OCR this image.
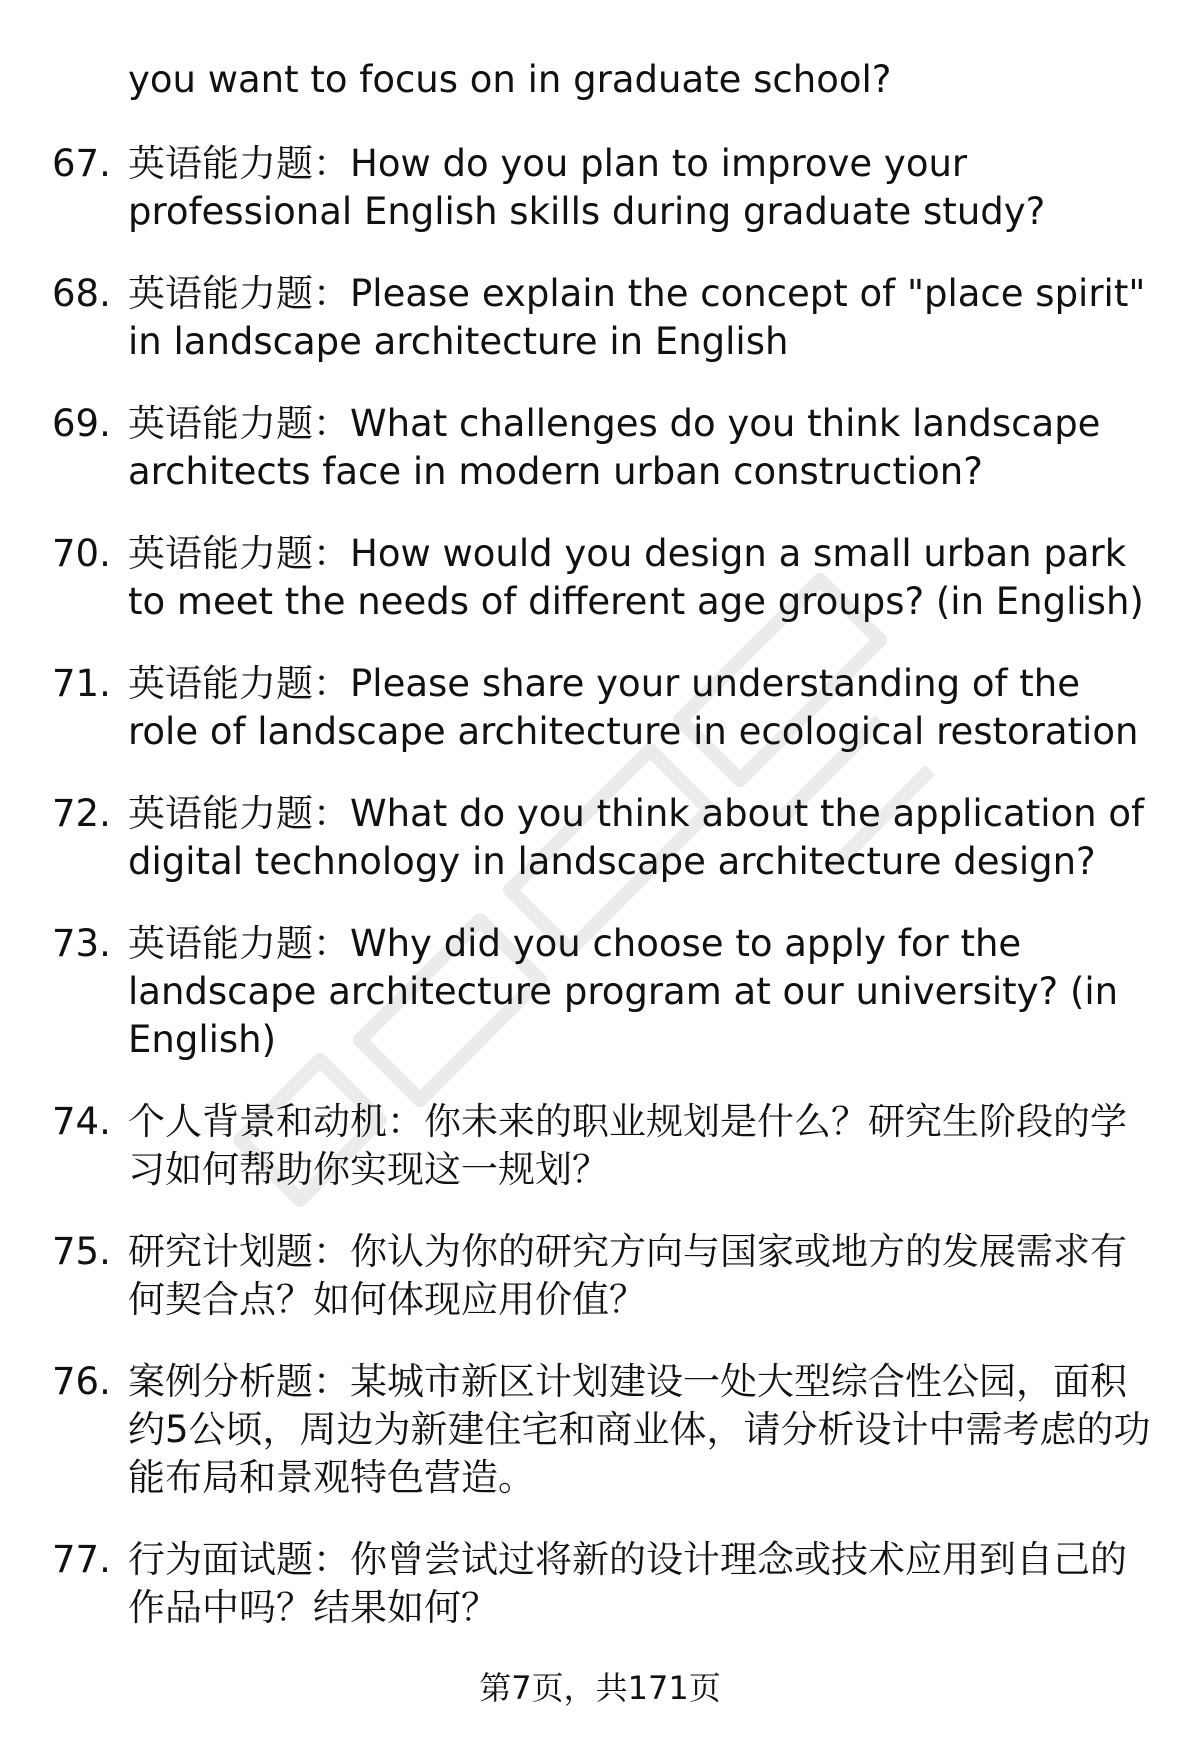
you want to focus on in graduate school?
67. 英语能力题：How do you plan to improve your professional English skills during graduate study?
68. 英语能力题：Please explain the concept of "place spirit" in landscape architecture in English
69. 英语能力题：What challenges do you think landscape architects face in modern urban construction?
70. 英语能力题：How would you design a small urban park to meet the needs of different age groups? (in English)
71. 英语能力题：Please share your understanding of the role of landscape architecture in ecological restoration
72. 英语能力题：What do you think about the application of digital technology in landscape architecture design?
73. 英语能力题：Why did you choose to apply for the landscape architecture program at our university? (in English)
74. 个人背景和动机：你未来的职业规划是什么？研究生阶段的学习如何帮助你实现这一规划？
75. 研究计划题：你认为你的研究方向与国家或地方的发展需求有何契合点？如何体现应用价值？
76. 案例分析题：某城市新区计划建设一处大型综合性公园，面积约5公顷，周边为新建住宅和商业体，请分析设计中需考虑的功能布局和景观特色营造。
77. 行为面试题：你曾尝试过将新的设计理念或技术应用到自己的作品中吗？结果如何？
第7页，共171页
